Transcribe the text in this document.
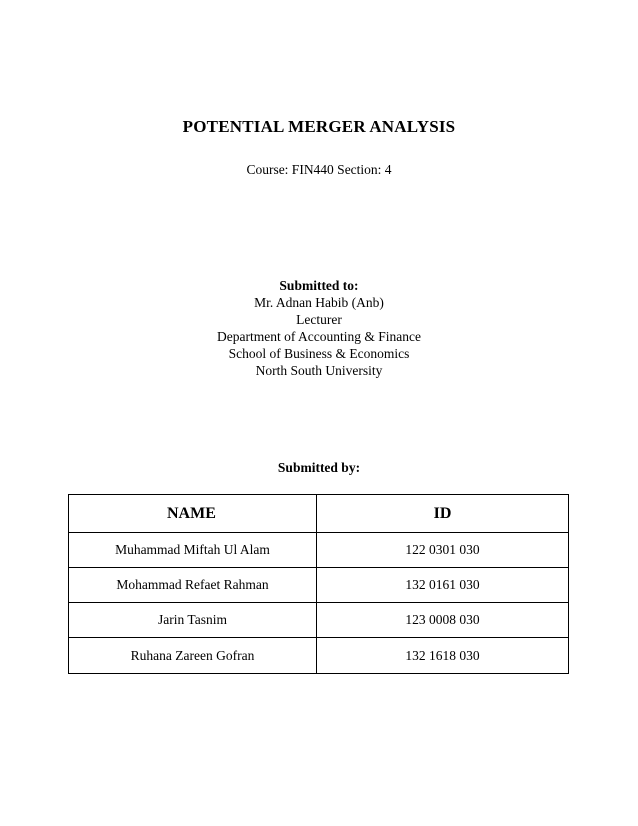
POTENTIAL MERGER ANALYSIS
Course: FIN440 Section: 4
Submitted to:
Mr. Adnan Habib (Anb)
Lecturer
Department of Accounting & Finance
School of Business & Economics
North South University
Submitted by:
NAME	ID
Muhammad Miftah Ul Alam	122 0301 030
Mohammad Refaet Rahman	132 0161 030
Jarin Tasnim	123 0008 030
Ruhana Zareen Gofran	132 1618 030
